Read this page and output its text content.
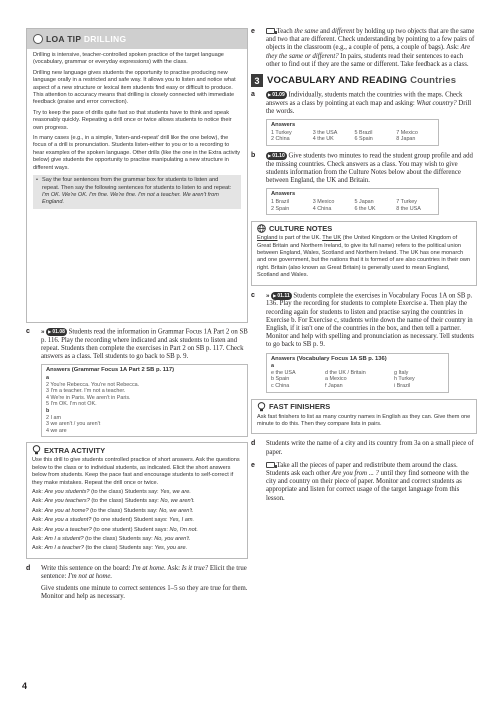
LOA TIP DRILLING

Drilling is intensive, teacher-controlled spoken practice of the target language (vocabulary, grammar or everyday expressions) with the class.

Drilling new language gives students the opportunity to practise producing new language orally in a restricted and safe way. It allows you to listen and notice what aspect of a new structure or lexical item students find easy or difficult to produce. This attention to accuracy means that drilling is closely connected with immediate feedback (praise and error correction).

Try to keep the pace of drills quite fast so that students have to think and speak reasonably quickly. Repeating a drill once or twice allows students to notice their own progress.

In many cases (e.g., in a simple, 'listen-and-repeat' drill like the one below), the focus of a drill is pronunciation. Students listen-either to you or to a recording to hear examples of the spoken language. Other drills (like the one in the Extra activity below) give students the opportunity to practise manipulating a new structure in different ways.

• Say the four sentences from the grammar box for students to listen and repeat. Then say the following sentences for students to listen to and repeat: I'm OK. We're OK. I'm fine. We're fine. I'm not a teacher. We aren't from England.
c » ▶ 01.08 Students read the information in Grammar Focus 1A Part 2 on SB p. 116. Play the recording where indicated and ask students to listen and repeat. Students then complete the exercises in Part 2 on SB p. 117. Check answers as a class. Tell students to go back to SB p. 9.
Answers (Grammar Focus 1A Part 2 SB p. 117)
a
2 You're Rebecca. You're not Rebecca.
3 I'm a teacher. I'm not a teacher.
4 We're in Paris. We aren't in Paris.
5 I'm OK. I'm not OK.
b
2 I am
3 we aren't / you aren't
4 we are
EXTRA ACTIVITY

Use this drill to give students controlled practice of short answers. Ask the questions below to the class or to individual students, as indicated. Elicit the short answers below from students. Keep the pace fast and encourage students to self-correct if they make mistakes. Repeat the drill once or twice.

Ask: Are you students? (to the class) Students say: Yes, we are.

Ask: Are you teachers? (to the class) Students say: No, we aren't.

Ask: Are you at home? (to the class) Students say: No, we aren't.

Ask: Are you a student? (to one student) Student says: Yes, I am.

Ask: Are you a teacher? (to one student) Student says: No, I'm not.

Ask: Am I a student? (to the class) Students say: No, you aren't.

Ask: Am I a teacher? (to the class) Students say: Yes, you are.

d Write this sentence on the board: I'm at home. Ask: Is it true? Elicit the true sentence: I'm not at home.

Give students one minute to correct sentences 1–5 so they are true for them. Monitor and help as necessary.

e	Teach the same and different by holding up two objects that are the same and two that are different. Check understanding by pointing to a few pairs of objects in the classroom (e.g., a couple of pens, a couple of bags). Ask: Are they the same or different? In pairs, students read their sentences to each other to find out if they are the same or different. Take feedback as a class.

3 VOCABULARY AND READING Countries
a	▶ 01.09 Individually, students match the countries with the maps. Check answers as a class by pointing at each map and asking: What country? Drill the words.

Answers
1 Turkey	3 the USA	5 Brazil	7 Mexico
2 China	4 the UK	6 Spain	8 Japan
b	▶ 01.10 Give students two minutes to read the student group profile and add the missing countries. Check answers as a class. You may wish to give students information from the Culture Notes below about the difference between England, the UK and Britain.

Answers
1 Brazil	3 Mexico	5 Japan	7 Turkey
2 Spain	4 China	6 the UK	8 the USA
CULTURE NOTES

England is part of the UK. The UK (the United Kingdom or the United Kingdom of Great Britain and Northern Ireland, to give its full name) refers to the political union between England, Wales, Scotland and Northern Ireland. The UK has one monarch and one government, but the nations that it is formed of are also countries in their own right. Britain (also known as Great Britain) is generally used to mean England, Scotland and Wales.

c » ▶ 01.11 Students complete the exercises in Vocabulary Focus 1A on SB p. 136. Play the recording for students to complete Exercise a. Then play the recording again for students to listen and practise saying the countries in Exercise b. For Exercise c, students write down the name of their country in English, if it isn't one of the countries in the box, and then tell a partner. Monitor and help with spelling and pronunciation as necessary. Tell students to go back to SB p. 9.

Answers (Vocabulary Focus 1A SB p. 136)
a
e the USA	d the UK / Britain	g Italy
b Spain	a Mexico	h Turkey
c China	f Japan	i Brazil
FAST FINISHERS

Ask fast finishers to list as many country names in English as they can. Give them one minute to do this. Then they compare lists in pairs.

d Students write the name of a city and its country from 3a on a small piece of paper.

e	Take all the pieces of paper and redistribute them around the class. Students ask each other Are you from ... ? until they find someone with the city and country on their piece of paper. Monitor and correct students as appropriate and listen for correct usage of the target language from this lesson.

4
